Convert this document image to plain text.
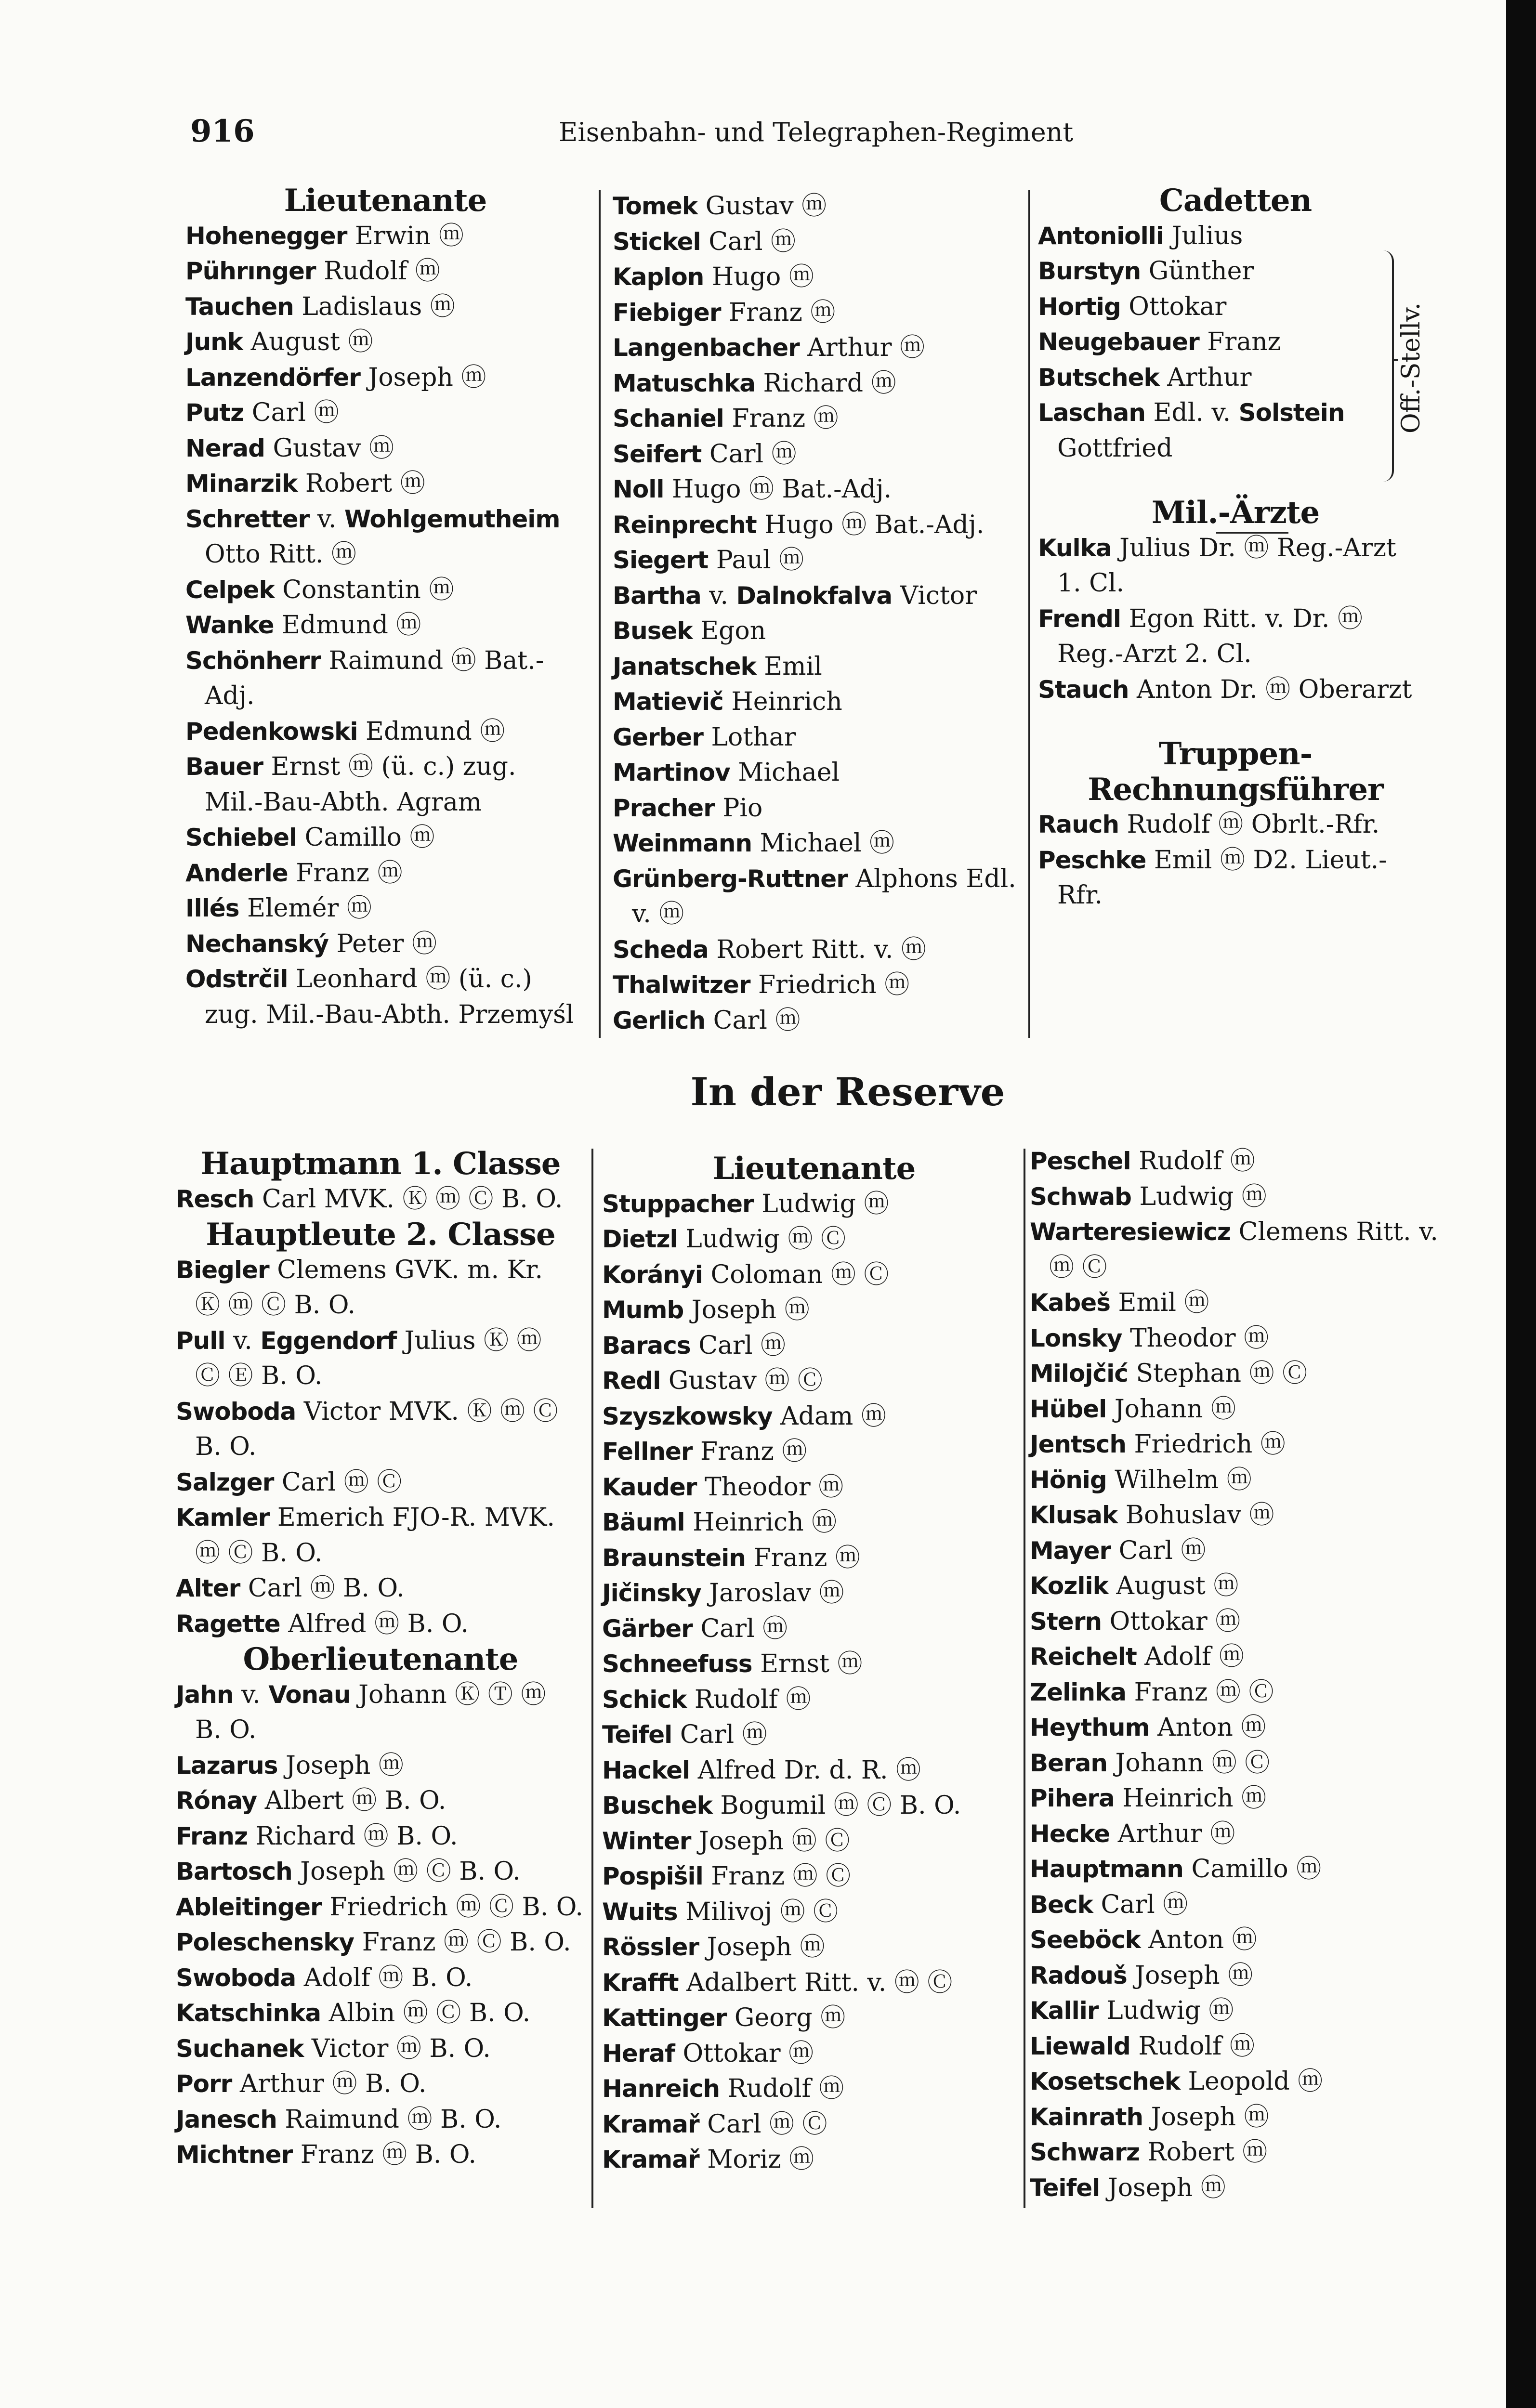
916	Eisenbahn- und Telegraphen-Regiment
Lieutenante
Hohenegger Erwin ⓜ
Pührınger Rudolf ⓜ
Tauchen Ladislaus ⓜ
Junk August ⓜ
Lanzendörfer Joseph ⓜ
Putz Carl ⓜ
Nerad Gustav ⓜ
Minarzik Robert ⓜ
Schretter v. Wohlgemutheim
Otto Ritt. ⓜ
Celpek Constantin ⓜ
Wanke Edmund ⓜ
Schönherr Raimund ⓜ Bat.-
Adj.
Pedenkowski Edmund ⓜ
Bauer Ernst ⓜ (ü. c.) zug.
Mil.-Bau-Abth. Agram
Schiebel Camillo ⓜ
Anderle Franz ⓜ
Illés Elemér ⓜ
Nechanský Peter ⓜ
Odstrčil Leonhard ⓜ (ü. c.)
zug. Mil.-Bau-Abth. Przemyśl
Tomek Gustav ⓜ
Stickel Carl ⓜ
Kaplon Hugo ⓜ
Fiebiger Franz ⓜ
Langenbacher Arthur ⓜ
Matuschka Richard ⓜ
Schaniel Franz ⓜ
Seifert Carl ⓜ
Noll Hugo ⓜ Bat.-Adj.
Reinprecht Hugo ⓜ Bat.-Adj.
Siegert Paul ⓜ
Bartha v. Dalnokfalva Victor
Busek Egon
Janatschek Emil
Matievič Heinrich
Gerber Lothar
Martinov Michael
Pracher Pio
Weinmann Michael ⓜ
Grünberg-Ruttner Alphons Edl.
v. ⓜ
Scheda Robert Ritt. v. ⓜ
Thalwitzer Friedrich ⓜ
Gerlich Carl ⓜ
Cadetten
Antoniolli Julius
Burstyn Günther
Hortig Ottokar
Neugebauer Franz
Butschek Arthur
Laschan Edl. v. Solstein
Gottfried
Mil.-Ärzte
Kulka Julius Dr. ⓜ Reg.-Arzt
1. Cl.
Frendl Egon Ritt. v. Dr. ⓜ
Reg.-Arzt 2. Cl.
Stauch Anton Dr. ⓜ Oberarzt
Truppen-Rechnungsführer
Rauch Rudolf ⓜ Obrlt.-Rfr.
Peschke Emil ⓜ D2. Lieut.-
Rfr.
Off.-Stellv.
In der Reserve
Hauptmann 1. Classe
Resch Carl MVK. Ⓚ ⓜ Ⓒ B. O.
Hauptleute 2. Classe
Biegler Clemens GVK. m. Kr.
Ⓚ ⓜ Ⓒ B. O.
Pull v. Eggendorf Julius Ⓚ ⓜ
Ⓒ Ⓔ B. O.
Swoboda Victor MVK. Ⓚ ⓜ Ⓒ
B. O.
Salzger Carl ⓜ Ⓒ
Kamler Emerich FJO-R. MVK.
ⓜ Ⓒ B. O.
Alter Carl ⓜ B. O.
Ragette Alfred ⓜ B. O.
Oberlieutenante
Jahn v. Vonau Johann Ⓚ Ⓣ ⓜ
B. O.
Lazarus Joseph ⓜ
Rónay Albert ⓜ B. O.
Franz Richard ⓜ B. O.
Bartosch Joseph ⓜ Ⓒ B. O.
Ableitinger Friedrich ⓜ Ⓒ B. O.
Poleschensky Franz ⓜ Ⓒ B. O.
Swoboda Adolf ⓜ B. O.
Katschinka Albin ⓜ Ⓒ B. O.
Suchanek Victor ⓜ B. O.
Porr Arthur ⓜ B. O.
Janesch Raimund ⓜ B. O.
Michtner Franz ⓜ B. O.
Lieutenante
Stuppacher Ludwig ⓜ
Dietzl Ludwig ⓜ Ⓒ
Korányi Coloman ⓜ Ⓒ
Mumb Joseph ⓜ
Baracs Carl ⓜ
Redl Gustav ⓜ Ⓒ
Szyszkowsky Adam ⓜ
Fellner Franz ⓜ
Kauder Theodor ⓜ
Bäuml Heinrich ⓜ
Braunstein Franz ⓜ
Jičinsky Jaroslav ⓜ
Gärber Carl ⓜ
Schneefuss Ernst ⓜ
Schick Rudolf ⓜ
Teifel Carl ⓜ
Hackel Alfred Dr. d. R. ⓜ
Buschek Bogumil ⓜ Ⓒ B. O.
Winter Joseph ⓜ Ⓒ
Pospišil Franz ⓜ Ⓒ
Wuits Milivoj ⓜ Ⓒ
Rössler Joseph ⓜ
Krafft Adalbert Ritt. v. ⓜ Ⓒ
Kattinger Georg ⓜ
Heraf Ottokar ⓜ
Hanreich Rudolf ⓜ
Kramař Carl ⓜ Ⓒ
Kramař Moriz ⓜ
Peschel Rudolf ⓜ
Schwab Ludwig ⓜ
Warteresiewicz Clemens Ritt. v.
ⓜ Ⓒ
Kabeš Emil ⓜ
Lonsky Theodor ⓜ
Milojčić Stephan ⓜ Ⓒ
Hübel Johann ⓜ
Jentsch Friedrich ⓜ
Hönig Wilhelm ⓜ
Klusak Bohuslav ⓜ
Mayer Carl ⓜ
Kozlik August ⓜ
Stern Ottokar ⓜ
Reichelt Adolf ⓜ
Zelinka Franz ⓜ Ⓒ
Heythum Anton ⓜ
Beran Johann ⓜ Ⓒ
Pihera Heinrich ⓜ
Hecke Arthur ⓜ
Hauptmann Camillo ⓜ
Beck Carl ⓜ
Seeböck Anton ⓜ
Radouš Joseph ⓜ
Kallir Ludwig ⓜ
Liewald Rudolf ⓜ
Kosetschek Leopold ⓜ
Kainrath Joseph ⓜ
Schwarz Robert ⓜ
Teifel Joseph ⓜ
